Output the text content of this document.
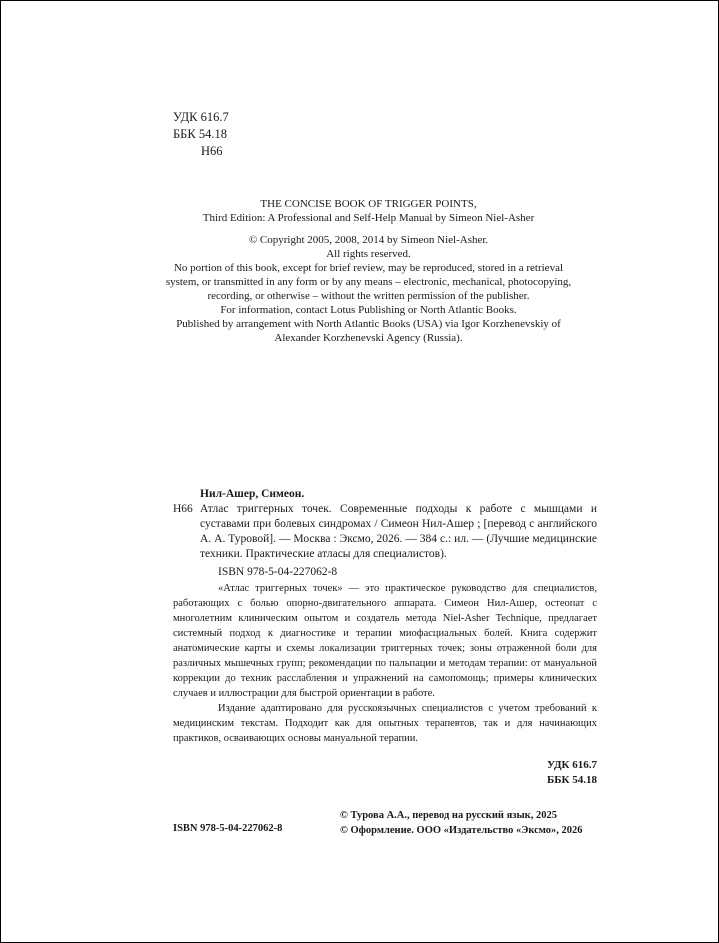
УДК 616.7
ББК 54.18
Н66
THE CONCISE BOOK OF TRIGGER POINTS,
Third Edition: A Professional and Self-Help Manual by Simeon Niel-Asher
© Copyright 2005, 2008, 2014 by Simeon Niel-Asher.
All rights reserved.
No portion of this book, except for brief review, may be reproduced, stored in a retrieval
system, or transmitted in any form or by any means – electronic, mechanical, photocopying,
recording, or otherwise – without the written permission of the publisher.
For information, contact Lotus Publishing or North Atlantic Books.
Published by arrangement with North Atlantic Books (USA) via Igor Korzhenevskiy of
Alexander Korzhenevski Agency (Russia).
Нил-Ашер, Симеон.
Н66 Атлас триггерных точек. Современные подходы к работе с мышцами и суставами при болевых синдромах / Симеон Нил-Ашер ; [перевод с английского А. А. Туровой]. — Москва : Эксмо, 2026. — 384 с.: ил. — (Лучшие медицинские техники. Практические атласы для специалистов).
ISBN 978-5-04-227062-8

«Атлас триггерных точек» — это практическое руководство для специалистов, работающих с болью опорно-двигательного аппарата. Симеон Нил-Ашер, остеопат с многолетним клиническим опытом и создатель метода Niel-Asher Technique, предлагает системный подход к диагностике и терапии миофасциальных болей. Книга содержит анатомические карты и схемы локализации триггерных точек; зоны отраженной боли для различных мышечных групп; рекомендации по пальпации и методам терапии: от мануальной коррекции до техник расслабления и упражнений на самопомощь; примеры клинических случаев и иллюстрации для быстрой ориентации в работе.

Издание адаптировано для русскоязычных специалистов с учетом требований к медицинским текстам. Подходит как для опытных терапевтов, так и для начинающих практиков, осваивающих основы мануальной терапии.

УДК 616.7
ББК 54.18
© Турова А.А., перевод на русский язык, 2025
© Оформление. ООО «Издательство «Эксмо», 2026
ISBN 978-5-04-227062-8
